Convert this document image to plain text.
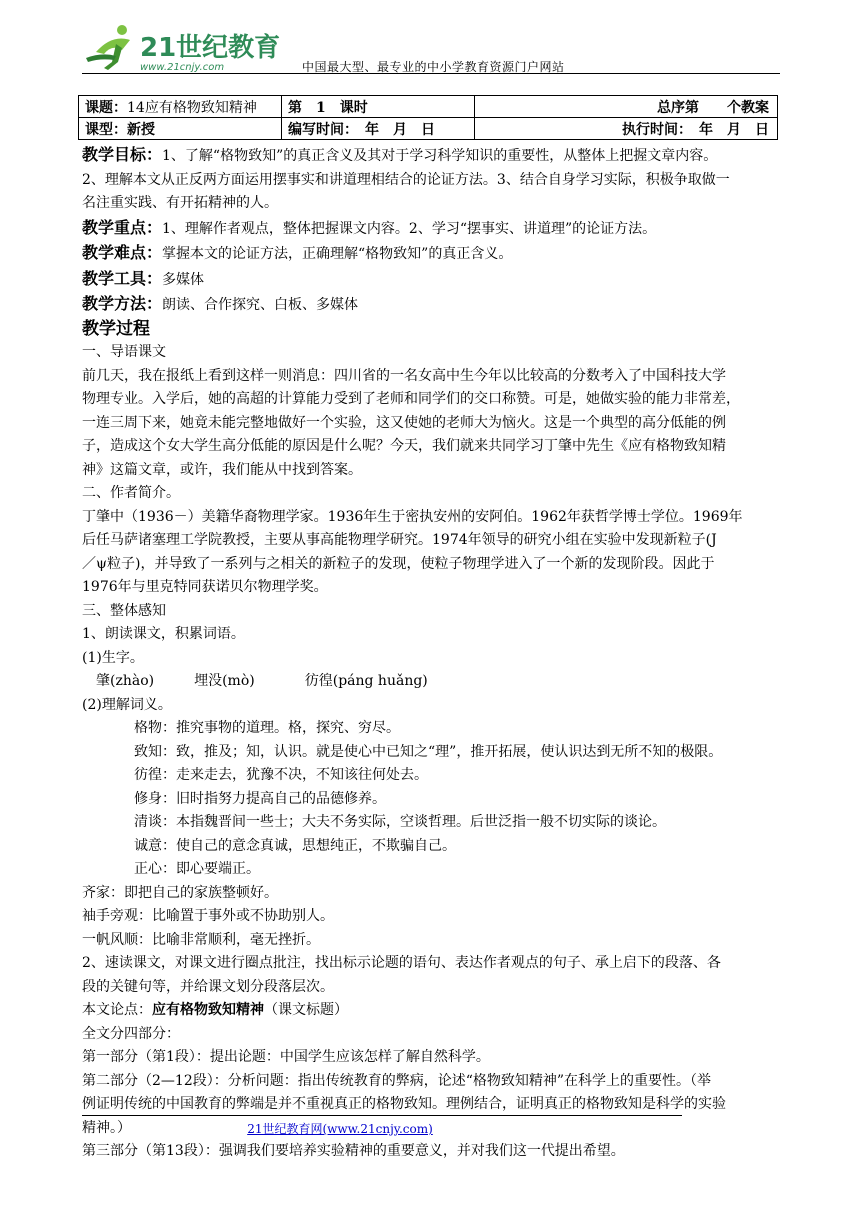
21世纪教育
www.21cnjy.com	中国最大型、最专业的中小学教育资源门户网站
课题：14应有格物致知精神	第　1　课时	总序第　　个教案
课型：新授	编写时间：　年　月　日	执行时间：　年　月　日

教学目标：1、了解“格物致知”的真正含义及其对于学习科学知识的重要性，从整体上把握文章内容。

2、理解本文从正反两方面运用摆事实和讲道理相结合的论证方法。3、结合自身学习实际，积极争取做一

名注重实践、有开拓精神的人。

教学重点：1、理解作者观点，整体把握课文内容。2、学习“摆事实、讲道理”的论证方法。

教学难点：掌握本文的论证方法，正确理解“格物致知”的真正含义。

教学工具：多媒体

教学方法：朗读、合作探究、白板、多媒体

教学过程

一、导语课文

前几天，我在报纸上看到这样一则消息：四川省的一名女高中生今年以比较高的分数考入了中国科技大学

物理专业。入学后，她的高超的计算能力受到了老师和同学们的交口称赞。可是，她做实验的能力非常差，

一连三周下来，她竟未能完整地做好一个实验，这又使她的老师大为恼火。这是一个典型的高分低能的例

子，造成这个女大学生高分低能的原因是什么呢？今天，我们就来共同学习丁肇中先生《应有格物致知精

神》这篇文章，或许，我们能从中找到答案。

二、作者简介。

丁肇中（1936－）美籍华裔物理学家。1936年生于密执安州的安阿伯。1962年获哲学博士学位。1969年

后任马萨诸塞理工学院教授，主要从事高能物理学研究。1974年领导的研究小组在实验中发现新粒子(J

／ψ粒子)，并导致了一系列与之相关的新粒子的发现，使粒子物理学进入了一个新的发现阶段。因此于

1976年与里克特同获诺贝尔物理学奖。

三、整体感知

1、朗读课文，积累词语。

(1)生字。

肇(zhào)	埋没(mò)	彷徨(páng huǎng)

(2)理解词义。

格物：推究事物的道理。格，探究、穷尽。

致知：致，推及；知，认识。就是使心中已知之“理”，推开拓展，使认识达到无所不知的极限。

彷徨：走来走去，犹豫不决，不知该往何处去。

修身：旧时指努力提高自己的品德修养。

清谈：本指魏晋间一些士；大夫不务实际，空谈哲理。后世泛指一般不切实际的谈论。

诚意：使自己的意念真诚，思想纯正，不欺骗自己。

正心：即心要端正。

齐家：即把自己的家族整顿好。

袖手旁观：比喻置于事外或不协助别人。

一帆风顺：比喻非常顺利，毫无挫折。

2、速读课文，对课文进行圈点批注，找出标示论题的语句、表达作者观点的句子、承上启下的段落、各

段的关键句等，并给课文划分段落层次。

本文论点：应有格物致知精神（课文标题）

全文分四部分：

第一部分（第1段）：提出论题：中国学生应该怎样了解自然科学。

第二部分（2—12段）：分析问题：指出传统教育的弊病，论述“格物致知精神”在科学上的重要性。（举

例证明传统的中国教育的弊端是并不重视真正的格物致知。理例结合，证明真正的格物致知是科学的实验

精神。）

第三部分（第13段）：强调我们要培养实验精神的重要意义，并对我们这一代提出希望。

21世纪教育网(www.21cnjy.com)
